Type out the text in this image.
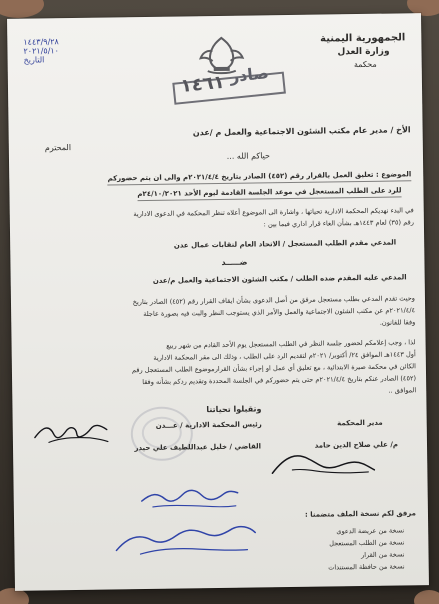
١٤٤٣/٩/٢٨
٢٠٢١/٥/١٠
التاريخ
١٤٦١ صادر
الجمهورية اليمنية
وزارة العدل
محكمة
الأخ / مدير عام مكتب الشئون الاجتماعية والعمل م /عدن
المحترم
حياكم الله ...
الموضوع : تعليق العمل بالقرار رقم (٤٥٢) الصادر بتاريخ ٢٠٢١/٤/٤م والى ان يتم حضوركم
للرد على الطلب المستعجل في موعد الجلسة القادمة ليوم الأحد ٢٤/١٠/٢٠٢١م
في البدء نهديكم المحكمة الادارية تحياتها ، واشارة الى الموضوع أعلاه تنظر المحكمة في الدعوى الادارية
رقم (٣٥) لعام ١٤٤٣هـ بشأن الغاء قرار اداري فيما بين :
المدعي مقدم الطلب المستعجل / الاتحاد العام لنقابات عمال عدن
ضـــــد
المدعي عليه المقدم ضده الطلب / مكتب الشئون الاجتماعية والعمل م/عدن
وحيث تقدم المدعي بطلب مستعجل مرفق من أصل الدعوى بشأن ايقاف القرار رقم (٤٥٢) الصادر بتاريخ
٢٠٢١/٤/٤م عن مكتب الشئون الاجتماعية والعمل والأمر الذي يستوجب النظر والبت فيه بصورة عاجلة
وفقا للقانون.
لذا ، وجب إعلامكم لحضور جلسة النظر في الطلب المستعجل يوم الأحد القادم من شهر ربيع
أول ١٤٤٣هـ الموافق ٢٤/ أكتوبر/ ٢٠٢١م لتقديم الرد على الطلب ، وذلك الى مقر المحكمة الادارية
الكائن في محكمة صيرة الابتدائية ، مع تعليق أي عمل او إجراء بشأن القرارموضوع الطلب المستعجل رقم
(٤٥٢) الصادر عنكم بتاريخ ٢٠٢١/٤/٤م حتى يتم حضوركم في الجلسة المحددة وتقديم ردكم بشأنه وفقا
الموافق ..
وتقبلوا تحياتنا
رئيس المحكمة الادارية / عـــدن	مدير المحكمة
القاضي / خليل عبداللطيف علي حيدر	م/ علي صلاح الدين حامد
مرفق لكم نسخة الملف متضمنا :
نسخة من عريضة الدعوى
نسخة من الطلب المستعجل
نسخة من القرار
نسخة من حافظة المستندات
